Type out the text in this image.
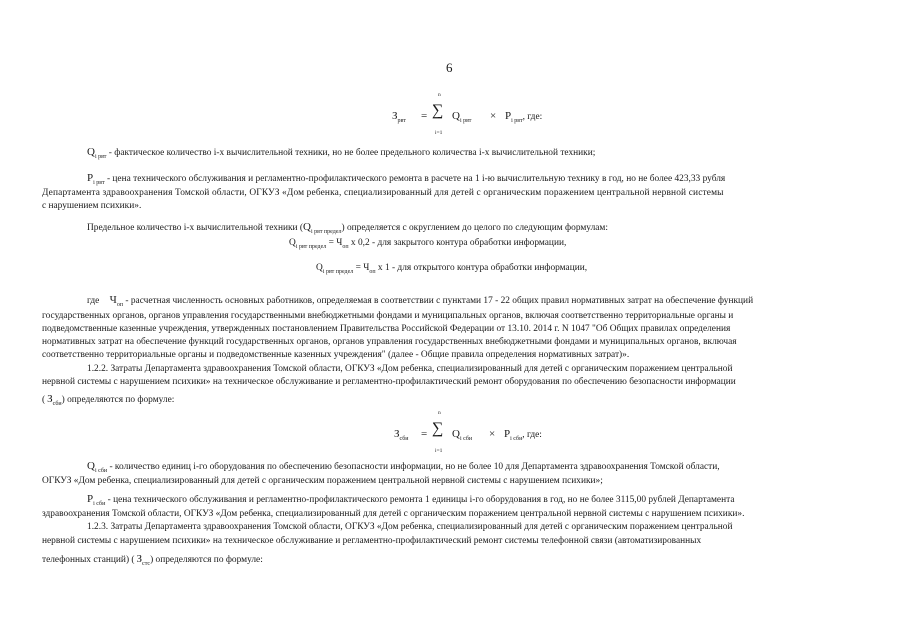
6
$З_{рвт}$ =
n
∑
i=1
$Q_{i рвт} \times P_{i рвт}$, где:
$Q_{i рвт}$ - фактическое количество i-х вычислительной техники, но не более предельного количества i-х вычислительной техники;
$P_{i рвт}$ - цена технического обслуживания и регламентно-профилактического ремонта в расчете на 1 i-ю вычислительную технику в год, но не более 423,33 рубля
Департамента здравоохранения Томской области, ОГКУЗ «Дом ребенка, специализированный для детей с органическим поражением центральной нервной системы
с нарушением психики».
Предельное количество i-х вычислительной техники $(Q_{i рвт предел})$ определяется с округлением до целого по следующим формулам:
$Q_{i рвт предел} = Ч_{оп}$ х 0,2 - для закрытого контура обработки информации,
$Q_{i рвт предел} = Ч_{оп}$ х 1 - для открытого контура обработки информации,
где $Ч_{оп}$ - расчетная численность основных работников, определяемая в соответствии с пунктами 17 - 22 общих правил нормативных затрат на обеспечение функций
государственных органов, органов управления государственными внебюджетными фондами и муниципальных органов, включая соответственно территориальные органы и
подведомственные казенные учреждения, утвержденных постановлением Правительства Российской Федерации от 13.10. 2014 г. N 1047 "Об Общих правилах определения
нормативных затрат на обеспечение функций государственных органов, органов управления государственных внебюджетными фондами и муниципальных органов, включая
соответственно территориальные органы и подведомственные казенных учреждения" (далее - Общие правила определения нормативных затрат)».
1.2.2. Затраты Департамента здравоохранения Томской области, ОГКУЗ «Дом ребенка, специализированный для детей с органическим поражением центральной
нервной системы с нарушением психики» на техническое обслуживание и регламентно-профилактический ремонт оборудования по обеспечению безопасности информации
( $З_{сби}$) определяются по формуле:
$З_{сби}$ =
n
∑
i=1
$Q_{i сби} \times P_{i сби}$, где:
$Q_{i сби}$ - количество единиц i-го оборудования по обеспечению безопасности информации, но не более 10 для Департамента здравоохранения Томской области,
ОГКУЗ «Дом ребенка, специализированный для детей с органическим поражением центральной нервной системы с нарушением психики»;
$P_{i сби}$ - цена технического обслуживания и регламентно-профилактического ремонта 1 единицы i-го оборудования в год, но не более 3115,00 рублей Департамента
здравоохранения Томской области, ОГКУЗ «Дом ребенка, специализированный для детей с органическим поражением центральной нервной системы с нарушением психики».
1.2.3. Затраты Департамента здравоохранения Томской области, ОГКУЗ «Дом ребенка, специализированный для детей с органическим поражением центральной
нервной системы с нарушением психики» на техническое обслуживание и регламентно-профилактический ремонт системы телефонной связи (автоматизированных
телефонных станций) ( $З_{стс}$) определяются по формуле:
